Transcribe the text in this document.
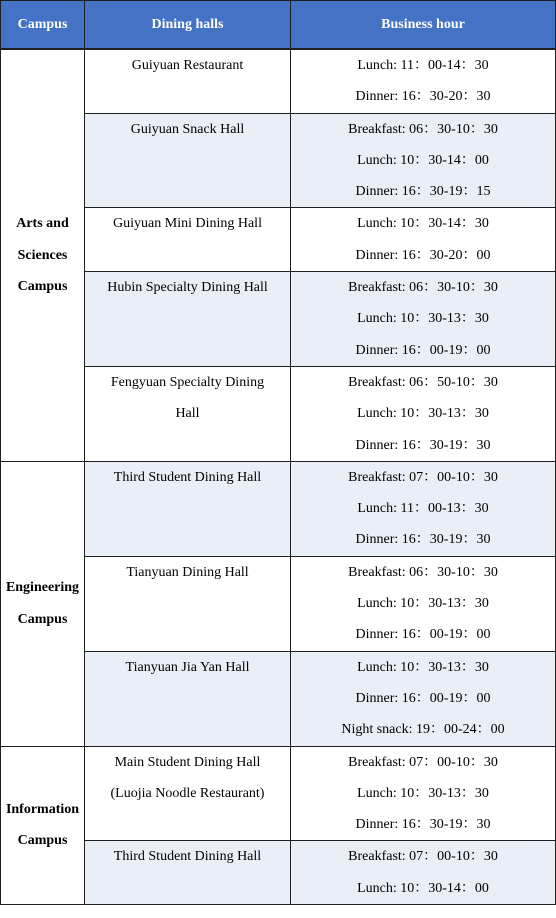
Campus	Dining halls	Business hour

Arts and
Sciences
Campus	Guiyuan Restaurant	Lunch: 11：00-14：30
Dinner: 16：30-20：30

	Guiyuan Snack Hall	Breakfast: 06：30-10：30
Lunch: 10：30-14：00
Dinner: 16：30-19：15

	Guiyuan Mini Dining Hall	Lunch: 10：30-14：30
Dinner: 16：30-20：00

	Hubin Specialty Dining Hall	Breakfast: 06：30-10：30
Lunch: 10：30-13：30
Dinner: 16：00-19：00

	Fengyuan Specialty Dining
Hall	Breakfast: 06：50-10：30
Lunch: 10：30-13：30
Dinner: 16：30-19：30

Engineering
Campus	Third Student Dining Hall	Breakfast: 07：00-10：30
Lunch: 11：00-13：30
Dinner: 16：30-19：30

	Tianyuan Dining Hall	Breakfast: 06：30-10：30
Lunch: 10：30-13：30
Dinner: 16：00-19：00

	Tianyuan Jia Yan Hall	Lunch: 10：30-13：30
Dinner: 16：00-19：00
Night snack: 19：00-24：00

Information
Campus	Main Student Dining Hall
(Luojia Noodle Restaurant)	Breakfast: 07：00-10：30
Lunch: 10：30-13：30
Dinner: 16：30-19：30

	Third Student Dining Hall	Breakfast: 07：00-10：30
Lunch: 10：30-14：00
